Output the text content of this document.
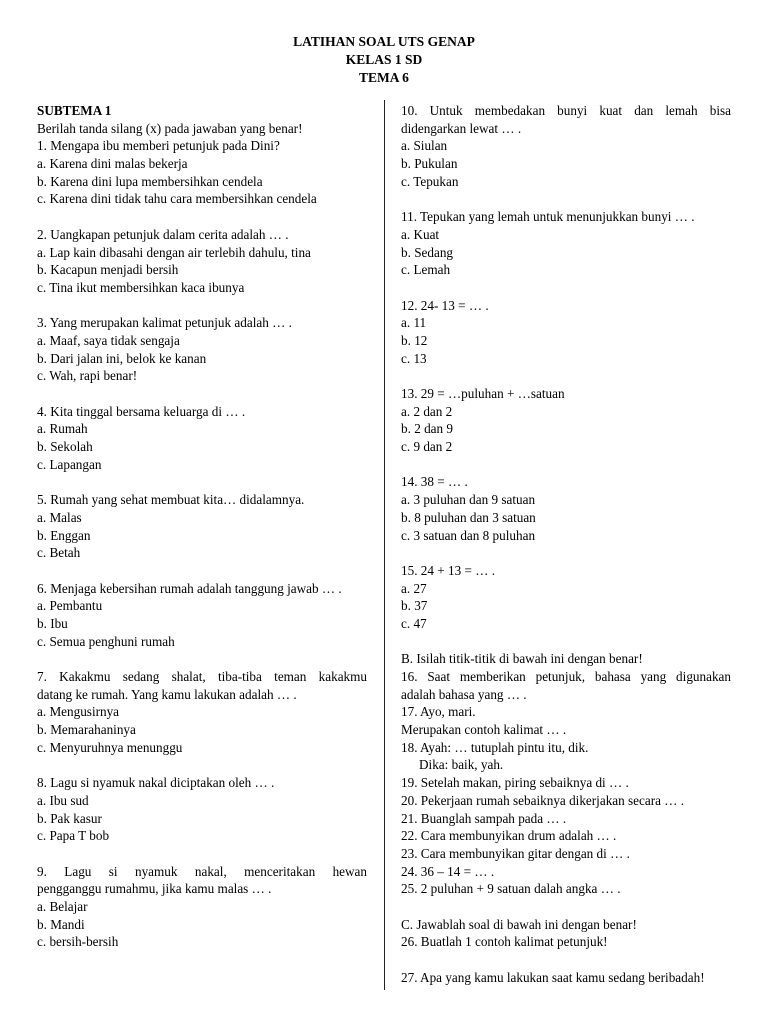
LATIHAN SOAL UTS GENAP
KELAS 1 SD
TEMA 6
SUBTEMA 1
Berilah tanda silang (x) pada jawaban yang benar!
1. Mengapa ibu memberi petunjuk pada Dini?
a. Karena dini malas bekerja
b. Karena dini lupa membersihkan cendela
c. Karena dini tidak tahu cara membersihkan cendela
2. Uangkapan petunjuk dalam cerita adalah … .
a. Lap kain dibasahi dengan air terlebih dahulu, tina
b. Kacapun menjadi bersih
c. Tina ikut membersihkan kaca ibunya
3. Yang merupakan kalimat petunjuk adalah … .
a. Maaf, saya tidak sengaja
b. Dari jalan ini, belok ke kanan
c. Wah, rapi benar!
4. Kita tinggal bersama keluarga di … .
a. Rumah
b. Sekolah
c. Lapangan
5. Rumah yang sehat membuat kita… didalamnya.
a. Malas
b. Enggan
c. Betah
6. Menjaga kebersihan rumah adalah tanggung jawab … .
a. Pembantu
b. Ibu
c. Semua penghuni rumah
7. Kakakmu sedang shalat, tiba-tiba teman kakakmu
datang ke rumah. Yang kamu lakukan adalah … .
a. Mengusirnya
b. Memarahaninya
c. Menyuruhnya menunggu
8. Lagu si nyamuk nakal diciptakan oleh … .
a. Ibu sud
b. Pak kasur
c. Papa T bob
9. Lagu si nyamuk nakal, menceritakan hewan
pengganggu rumahmu, jika kamu malas … .
a. Belajar
b. Mandi
c. bersih-bersih
10. Untuk membedakan bunyi kuat dan lemah bisa
didengarkan lewat … .
a. Siulan
b. Pukulan
c. Tepukan
11. Tepukan yang lemah untuk menunjukkan bunyi … .
a. Kuat
b. Sedang
c. Lemah
12. 24- 13 = … .
a. 11
b. 12
c. 13
13. 29 = …puluhan + …satuan
a. 2 dan 2
b. 2 dan 9
c. 9 dan 2
14. 38 = … .
a. 3 puluhan dan 9 satuan
b. 8 puluhan dan 3 satuan
c. 3 satuan dan 8 puluhan
15. 24 + 13 = … .
a. 27
b. 37
c. 47
B. Isilah titik-titik di bawah ini dengan benar!
16. Saat memberikan petunjuk, bahasa yang digunakan
adalah bahasa yang … .
17. Ayo, mari.
Merupakan contoh kalimat … .
18. Ayah: … tutuplah pintu itu, dik.
Dika: baik, yah.
19. Setelah makan, piring sebaiknya di … .
20. Pekerjaan rumah sebaiknya dikerjakan secara … .
21. Buanglah sampah pada … .
22. Cara membunyikan drum adalah … .
23. Cara membunyikan gitar dengan di … .
24. 36 – 14 = … .
25. 2 puluhan + 9 satuan dalah angka … .
C. Jawablah soal di bawah ini dengan benar!
26. Buatlah 1 contoh kalimat petunjuk!
27. Apa yang kamu lakukan saat kamu sedang beribadah!
